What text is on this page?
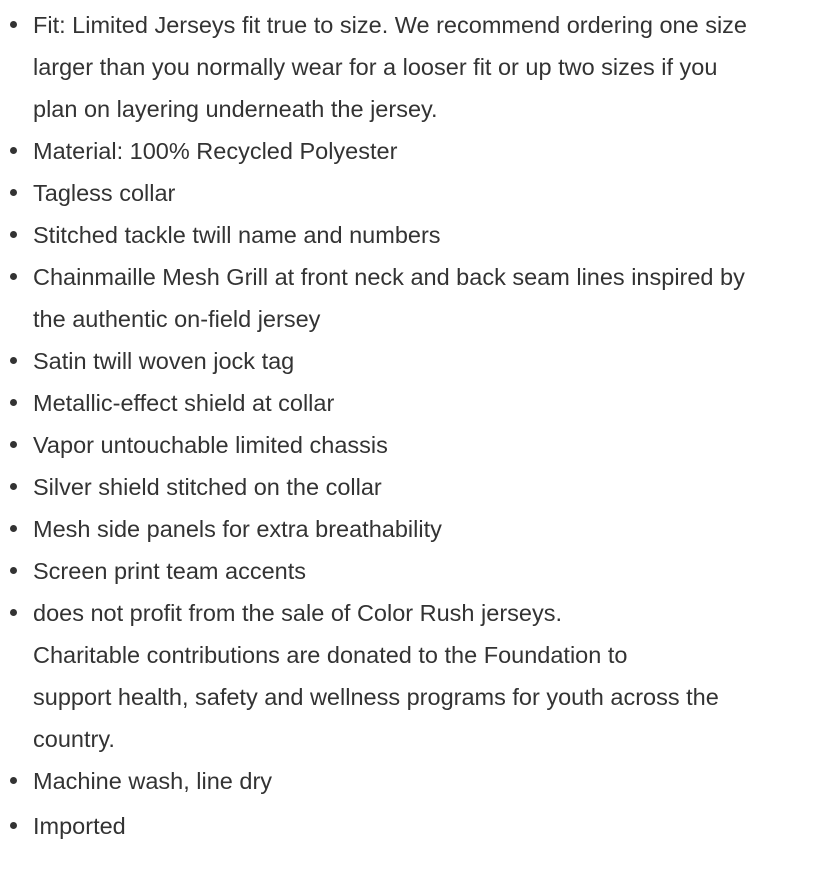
Fit: Limited Jerseys fit true to size. We recommend ordering one size
larger than you normally wear for a looser fit or up two sizes if you
plan on layering underneath the jersey.
Material: 100% Recycled Polyester
Tagless collar
Stitched tackle twill name and numbers
Chainmaille Mesh Grill at front neck and back seam lines inspired by
the authentic on-field jersey
Satin twill woven jock tag
Metallic-effect shield at collar
Vapor untouchable limited chassis
Silver shield stitched on the collar
Mesh side panels for extra breathability
Screen print team accents
does not profit from the sale of Color Rush jerseys.
Charitable contributions are donated to the Foundation to
support health, safety and wellness programs for youth across the
country.
Machine wash, line dry
Imported
